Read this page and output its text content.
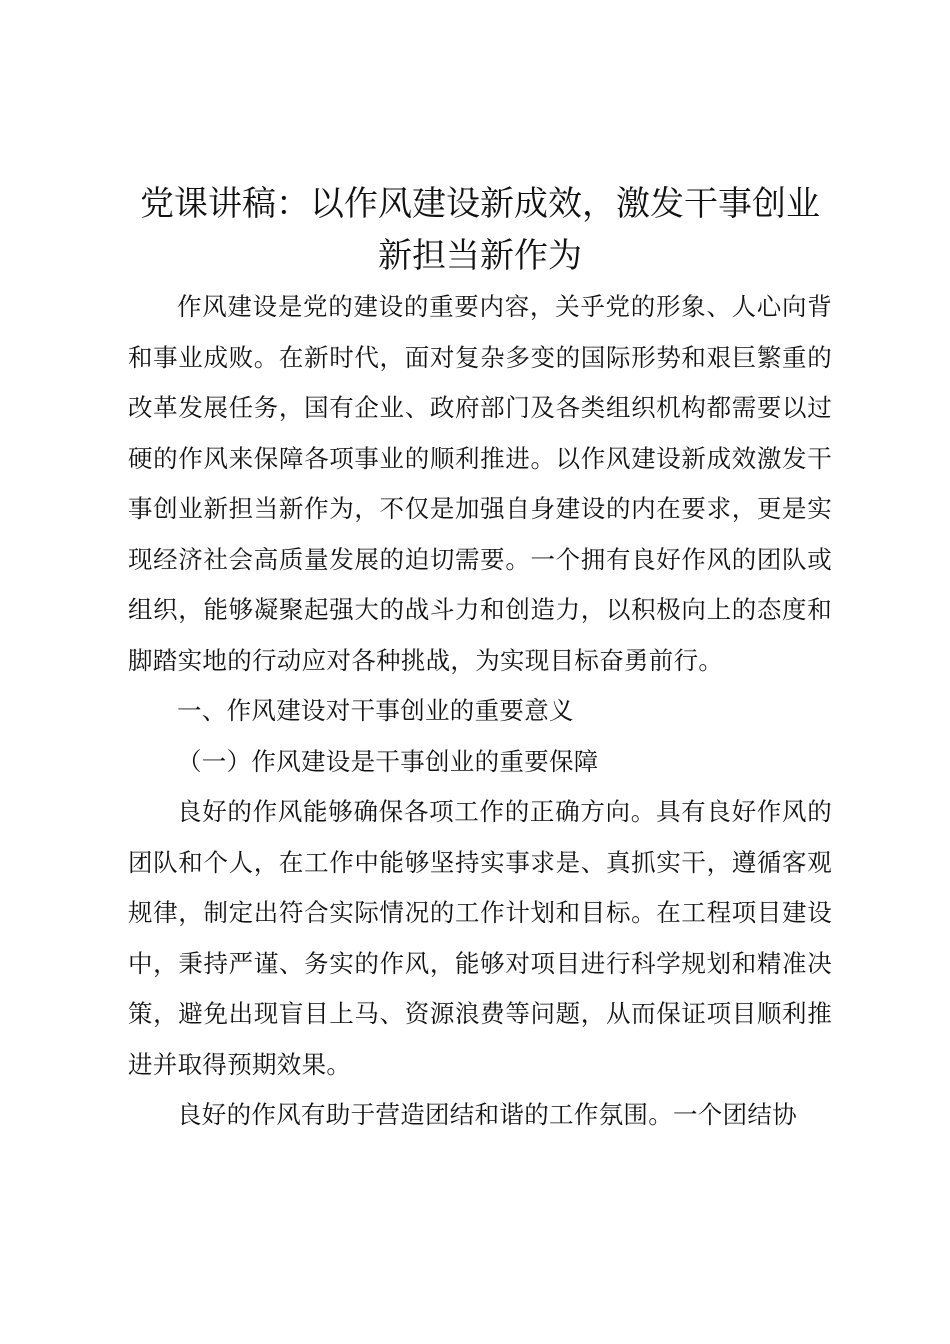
党课讲稿：以作风建设新成效，激发干事创业
新担当新作为

作风建设是党的建设的重要内容，关乎党的形象、人心向背和事业成败。在新时代，面对复杂多变的国际形势和艰巨繁重的改革发展任务，国有企业、政府部门及各类组织机构都需要以过硬的作风来保障各项事业的顺利推进。以作风建设新成效激发干事创业新担当新作为，不仅是加强自身建设的内在要求，更是实现经济社会高质量发展的迫切需要。一个拥有良好作风的团队或组织，能够凝聚起强大的战斗力和创造力，以积极向上的态度和脚踏实地的行动应对各种挑战，为实现目标奋勇前行。

一、作风建设对干事创业的重要意义

（一）作风建设是干事创业的重要保障

良好的作风能够确保各项工作的正确方向。具有良好作风的团队和个人，在工作中能够坚持实事求是、真抓实干，遵循客观规律，制定出符合实际情况的工作计划和目标。在工程项目建设中，秉持严谨、务实的作风，能够对项目进行科学规划和精准决策，避免出现盲目上马、资源浪费等问题，从而保证项目顺利推进并取得预期效果。

良好的作风有助于营造团结和谐的工作氛围。一个团结协
